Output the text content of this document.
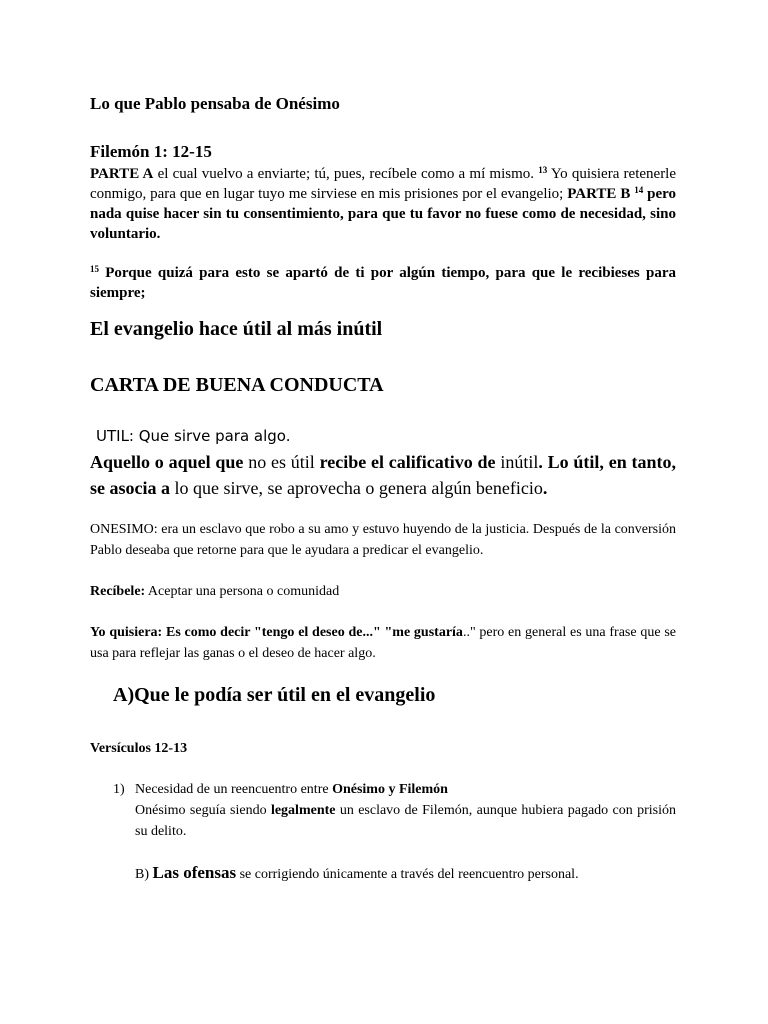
Lo que Pablo pensaba de Onésimo
Filemón 1: 12-15
PARTE A el cual vuelvo a enviarte; tú, pues, recíbele como a mí mismo. $^{13}$ Yo quisiera retenerle conmigo, para que en lugar tuyo me sirviese en mis prisiones por el evangelio; PARTE B $^{14}$ pero nada quise hacer sin tu consentimiento, para que tu favor no fuese como de necesidad, sino voluntario.
$^{15}$ Porque quizá para esto se apartó de ti por algún tiempo, para que le recibieses para siempre;
El evangelio hace útil al más inútil
CARTA DE BUENA CONDUCTA
UTIL: Que sirve para algo.
Aquello o aquel que no es útil recibe el calificativo de inútil. Lo útil, en tanto, se asocia a lo que sirve, se aprovecha o genera algún beneficio.
ONESIMO: era un esclavo que robo a su amo y estuvo huyendo de la justicia. Después de la conversión Pablo deseaba que retorne para que le ayudara a predicar el evangelio.
Recíbele: Aceptar una persona o comunidad
Yo quisiera: Es como decir "tengo el deseo de..." "me gustaría.." pero en general es una frase que se usa para reflejar las ganas o el deseo de hacer algo.
A)Que le podía ser útil en el evangelio
Versículos 12-13
1) Necesidad de un reencuentro entre Onésimo y Filemón
Onésimo seguía siendo legalmente un esclavo de Filemón, aunque hubiera pagado con prisión su delito.
B) Las ofensas se corrigiendo únicamente a través del reencuentro personal.
